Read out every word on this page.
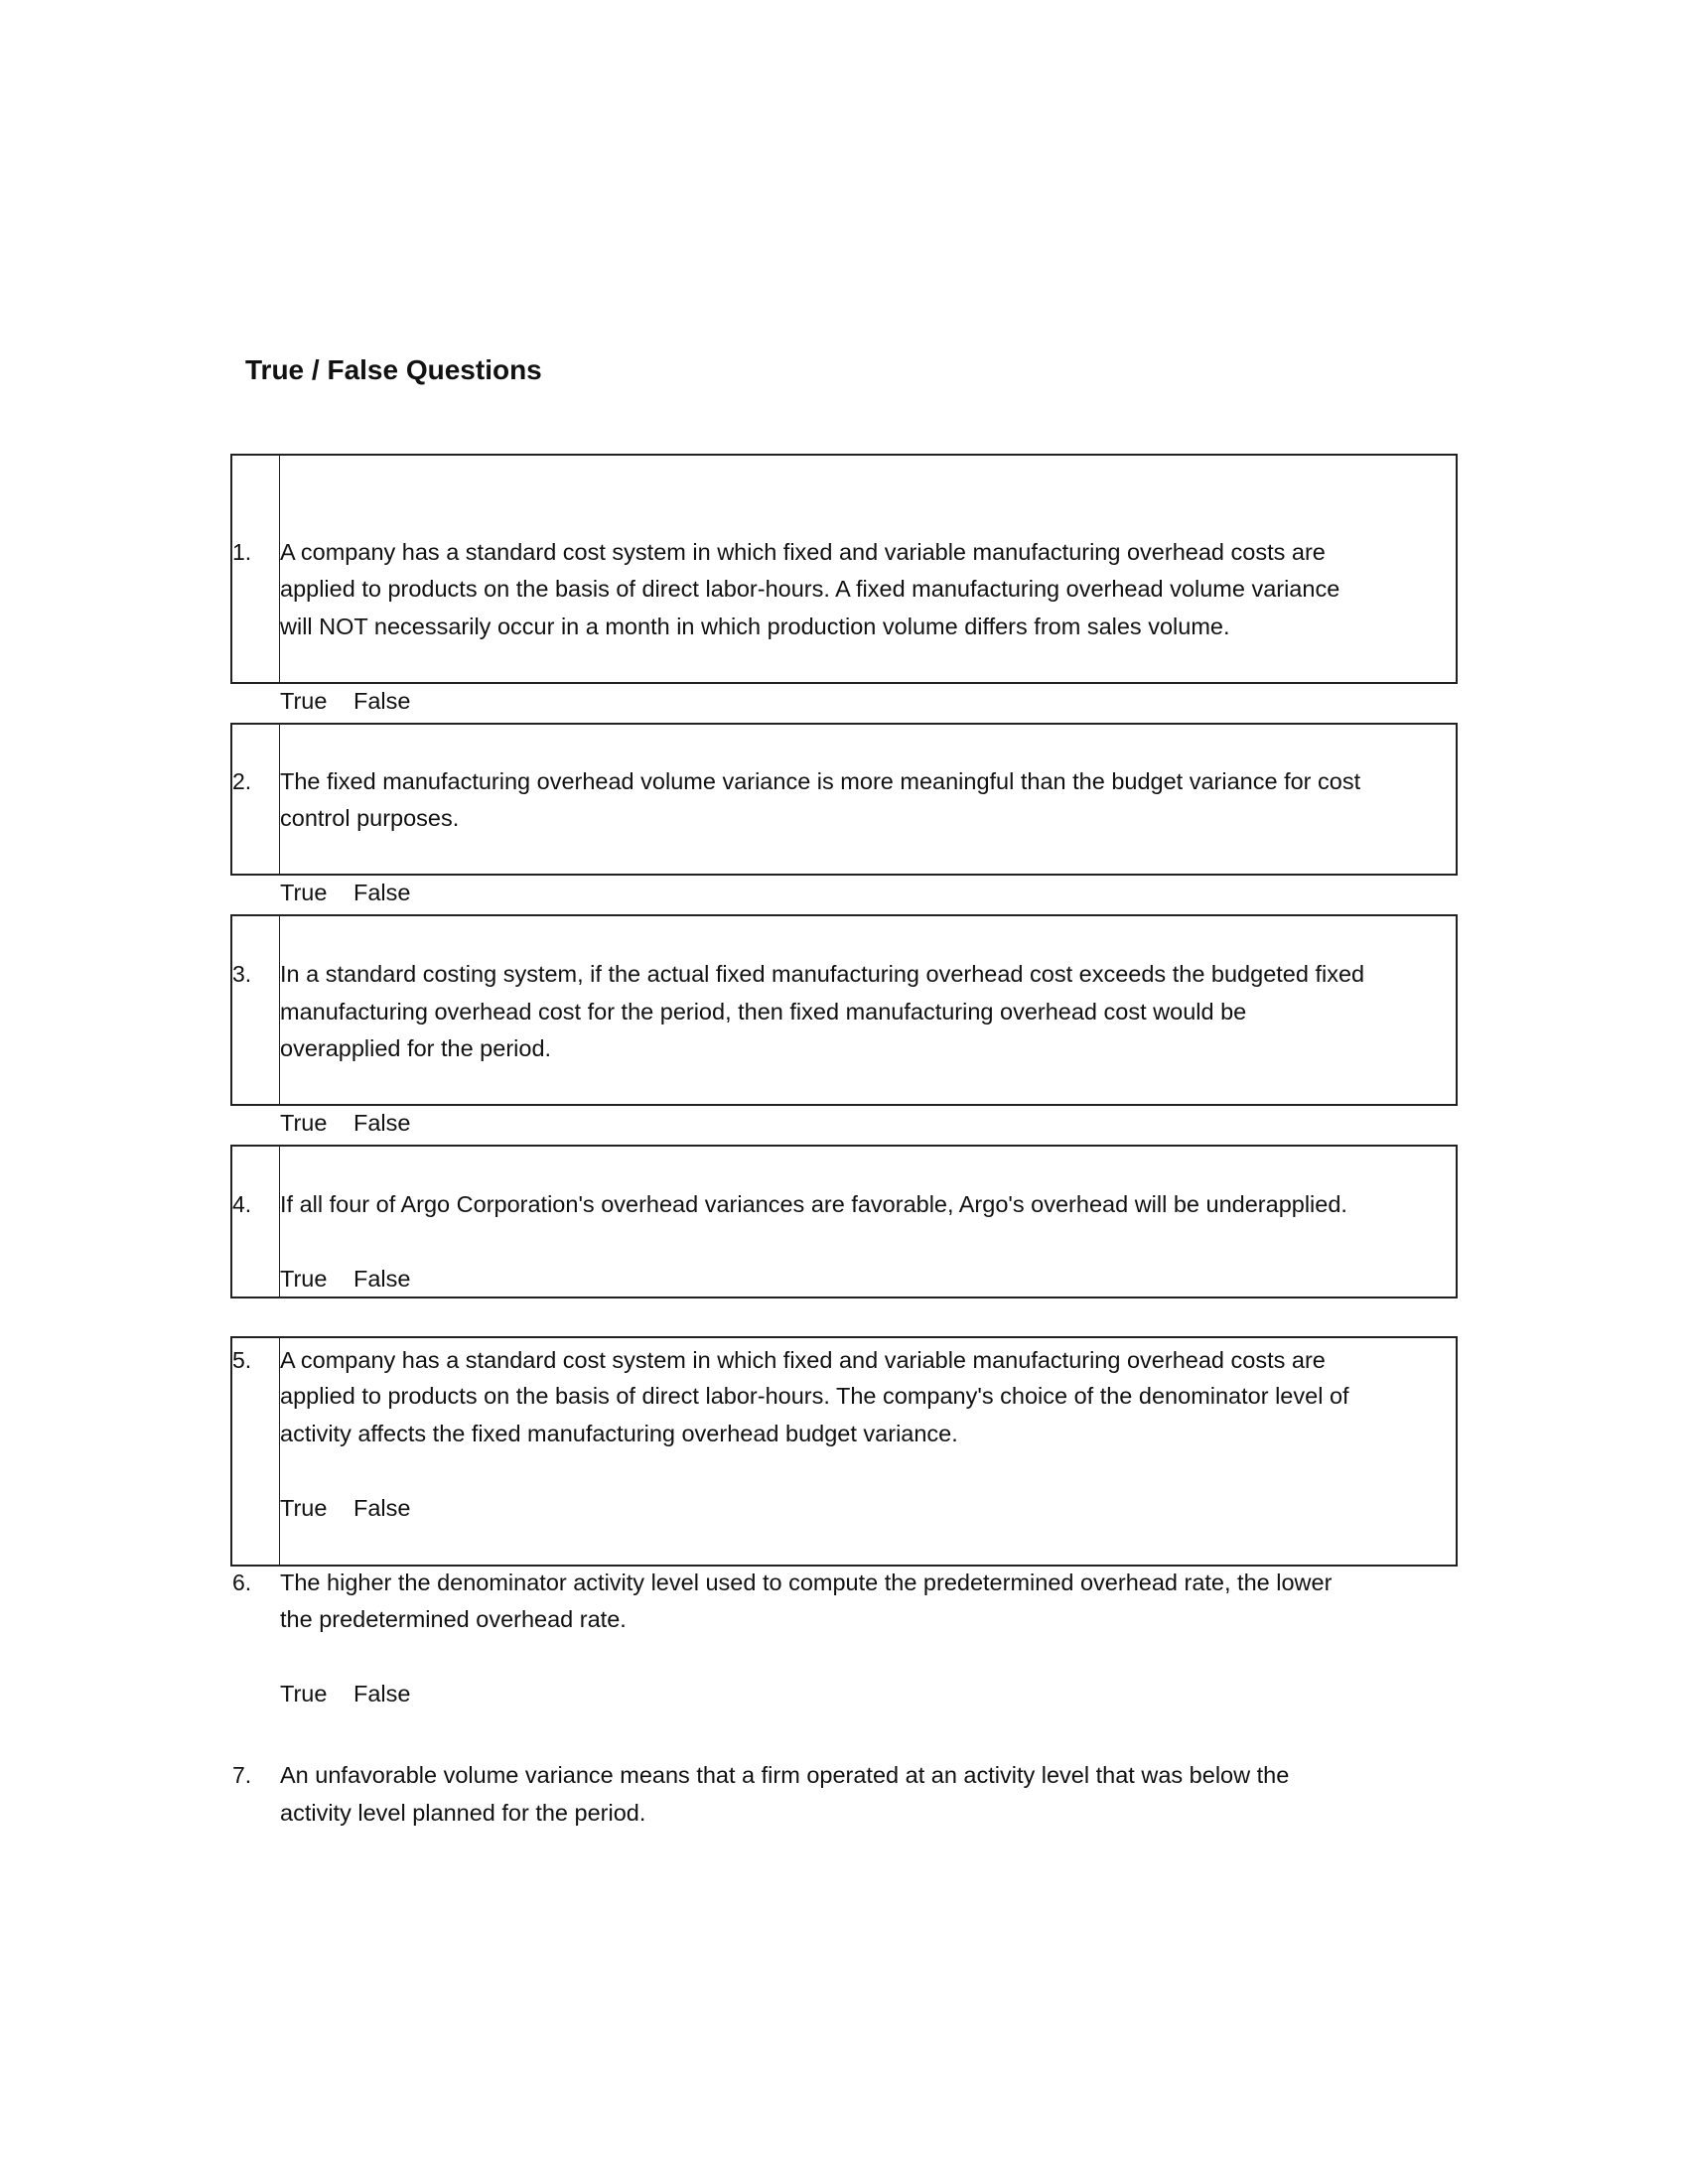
True / False Questions
1. A company has a standard cost system in which fixed and variable manufacturing overhead costs are
applied to products on the basis of direct labor-hours. A fixed manufacturing overhead volume variance
will NOT necessarily occur in a month in which production volume differs from sales volume.
True False
2. The fixed manufacturing overhead volume variance is more meaningful than the budget variance for cost
control purposes.
True False
3. In a standard costing system, if the actual fixed manufacturing overhead cost exceeds the budgeted fixed
manufacturing overhead cost for the period, then fixed manufacturing overhead cost would be
overapplied for the period.
True False
4. If all four of Argo Corporation's overhead variances are favorable, Argo's overhead will be underapplied.
True False
5. A company has a standard cost system in which fixed and variable manufacturing overhead costs are
applied to products on the basis of direct labor-hours. The company's choice of the denominator level of
activity affects the fixed manufacturing overhead budget variance.
True False
6. The higher the denominator activity level used to compute the predetermined overhead rate, the lower
the predetermined overhead rate.
True False
7. An unfavorable volume variance means that a firm operated at an activity level that was below the
activity level planned for the period.
